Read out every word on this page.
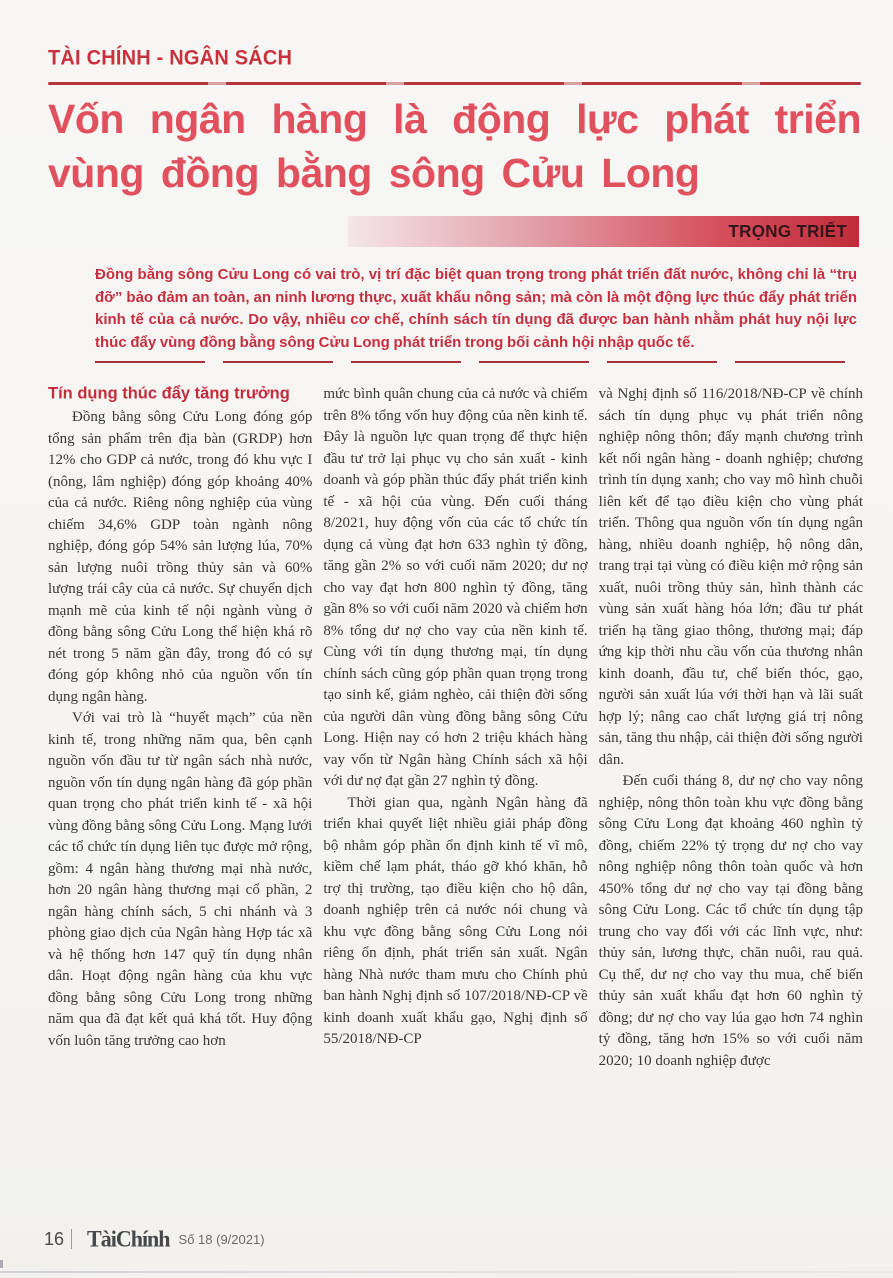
TÀI CHÍNH - NGÂN SÁCH
Vốn ngân hàng là động lực phát triển
vùng đồng bằng sông Cửu Long
TRỌNG TRIẾT
Đồng bằng sông Cửu Long có vai trò, vị trí đặc biệt quan trọng trong phát triển đất nước, không chỉ là “trụ đỡ” bảo đảm an toàn, an ninh lương thực, xuất khẩu nông sản; mà còn là một động lực thúc đẩy phát triển kinh tế của cả nước. Do vậy, nhiều cơ chế, chính sách tín dụng đã được ban hành nhằm phát huy nội lực thúc đẩy vùng đồng bằng sông Cửu Long phát triển trong bối cảnh hội nhập quốc tế.
Tín dụng thúc đẩy tăng trưởng

Đồng bằng sông Cửu Long đóng góp tổng sản phẩm trên địa bàn (GRDP) hơn 12% cho GDP cả nước, trong đó khu vực I (nông, lâm nghiệp) đóng góp khoảng 40% của cả nước. Riêng nông nghiệp của vùng chiếm 34,6% GDP toàn ngành nông nghiệp, đóng góp 54% sản lượng lúa, 70% sản lượng nuôi trồng thủy sản và 60% lượng trái cây của cả nước. Sự chuyển dịch mạnh mẽ của kinh tế nội ngành vùng ở đồng bằng sông Cửu Long thể hiện khá rõ nét trong 5 năm gần đây, trong đó có sự đóng góp không nhỏ của nguồn vốn tín dụng ngân hàng.

Với vai trò là “huyết mạch” của nền kinh tế, trong những năm qua, bên cạnh nguồn vốn đầu tư từ ngân sách nhà nước, nguồn vốn tín dụng ngân hàng đã góp phần quan trọng cho phát triển kinh tế - xã hội vùng đồng bằng sông Cửu Long. Mạng lưới các tổ chức tín dụng liên tục được mở rộng, gồm: 4 ngân hàng thương mại nhà nước, hơn 20 ngân hàng thương mại cổ phần, 2 ngân hàng chính sách, 5 chi nhánh và 3 phòng giao dịch của Ngân hàng Hợp tác xã và hệ thống hơn 147 quỹ tín dụng nhân dân. Hoạt động ngân hàng của khu vực đồng bằng sông Cửu Long trong những năm qua đã đạt kết quả khá tốt. Huy động vốn luôn tăng trưởng cao hơn

mức bình quân chung của cả nước và chiếm trên 8% tổng vốn huy động của nền kinh tế. Đây là nguồn lực quan trọng để thực hiện đầu tư trở lại phục vụ cho sản xuất - kinh doanh và góp phần thúc đẩy phát triển kinh tế - xã hội của vùng. Đến cuối tháng 8/2021, huy động vốn của các tổ chức tín dụng cả vùng đạt hơn 633 nghìn tỷ đồng, tăng gần 2% so với cuối năm 2020; dư nợ cho vay đạt hơn 800 nghìn tỷ đồng, tăng gần 8% so với cuối năm 2020 và chiếm hơn 8% tổng dư nợ cho vay của nền kinh tế. Cùng với tín dụng thương mại, tín dụng chính sách cũng góp phần quan trọng trong tạo sinh kế, giảm nghèo, cải thiện đời sống của người dân vùng đồng bằng sông Cửu Long. Hiện nay có hơn 2 triệu khách hàng vay vốn từ Ngân hàng Chính sách xã hội với dư nợ đạt gần 27 nghìn tỷ đồng.

Thời gian qua, ngành Ngân hàng đã triển khai quyết liệt nhiều giải pháp đồng bộ nhằm góp phần ổn định kinh tế vĩ mô, kiềm chế lạm phát, tháo gỡ khó khăn, hỗ trợ thị trường, tạo điều kiện cho hộ dân, doanh nghiệp trên cả nước nói chung và khu vực đồng bằng sông Cửu Long nói riêng ổn định, phát triển sản xuất. Ngân hàng Nhà nước tham mưu cho Chính phủ ban hành Nghị định số 107/2018/NĐ-CP về kinh doanh xuất khẩu gạo, Nghị định số 55/2018/NĐ-CP

và Nghị định số 116/2018/NĐ-CP về chính sách tín dụng phục vụ phát triển nông nghiệp nông thôn; đẩy mạnh chương trình kết nối ngân hàng - doanh nghiệp; chương trình tín dụng xanh; cho vay mô hình chuỗi liên kết để tạo điều kiện cho vùng phát triển. Thông qua nguồn vốn tín dụng ngân hàng, nhiều doanh nghiệp, hộ nông dân, trang trại tại vùng có điều kiện mở rộng sản xuất, nuôi trồng thủy sản, hình thành các vùng sản xuất hàng hóa lớn; đầu tư phát triển hạ tầng giao thông, thương mại; đáp ứng kịp thời nhu cầu vốn của thương nhân kinh doanh, đầu tư, chế biến thóc, gạo, người sản xuất lúa với thời hạn và lãi suất hợp lý; nâng cao chất lượng giá trị nông sản, tăng thu nhập, cải thiện đời sống người dân.

Đến cuối tháng 8, dư nợ cho vay nông nghiệp, nông thôn toàn khu vực đồng bằng sông Cửu Long đạt khoảng 460 nghìn tỷ đồng, chiếm 22% tỷ trọng dư nợ cho vay nông nghiệp nông thôn toàn quốc và hơn 450% tổng dư nợ cho vay tại đồng bằng sông Cửu Long. Các tổ chức tín dụng tập trung cho vay đối với các lĩnh vực, như: thủy sản, lương thực, chăn nuôi, rau quả. Cụ thể, dư nợ cho vay thu mua, chế biến thủy sản xuất khẩu đạt hơn 60 nghìn tỷ đồng; dư nợ cho vay lúa gạo hơn 74 nghìn tỷ đồng, tăng hơn 15% so với cuối năm 2020; 10 doanh nghiệp được

16 TàiChính Số 18 (9/2021)
